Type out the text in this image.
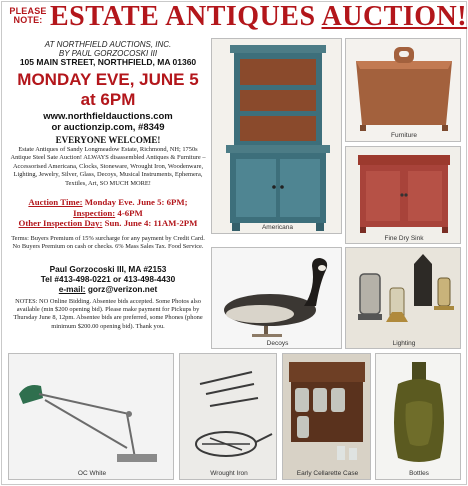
PLEASE NOTE: ESTATE ANTIQUES AUCTION!
AT NORTHFIELD AUCTIONS, INC.
BY PAUL GORZOCOSKI III
105 MAIN STREET, NORTHFIELD, MA 01360
MONDAY EVE, JUNE 5
at 6PM
www.northfieldauctions.com
or auctionzip.com, #8349
EVERYONE WELCOME!
Estate Antiques of Sandy Longmeadow Estate, Richmond, NH; 1750s Antique Steel Sate Auction! ALWAYS disassembled Antiques & Furniture – Accessorised Americana, Clocks, Stoneware, Wrought Iron, Woodenware, Lighting, Jewelry, Silver, Glass, Decoys, Musical Instruments, Ephemera, Textiles, Art, SO MUCH MORE!
Auction Time: Monday Eve. June 5: 6PM;
Inspection: 4-6PM
Other Inspection Day: Sun. June 4: 11AM-2PM
Terms: Buyers Premium of 15% surcharge for any payment by Credit Card. No Buyers Premium on cash or checks. 6% Mass Sales Tax. Food Service.
Paul Gorzocoski III, MA #2153
Tel #413-498-0221 or 413-498-4430
e-mail: gorz@verizon.net
NOTES: NO Online Bidding. Absentee bids accepted. Some Photos also available (min $200 opening bid). Please make payment for Pickups by Thursday June 8, 12pm. Absentee bids are preferred, some Phones (phone minimum $200.00 opening bid). Thank you.
Americana
Furniture
Fine Dry Sink
Decoys	Lighting
OC White	Wrought Iron	Early Cellarette Case	Bottles
